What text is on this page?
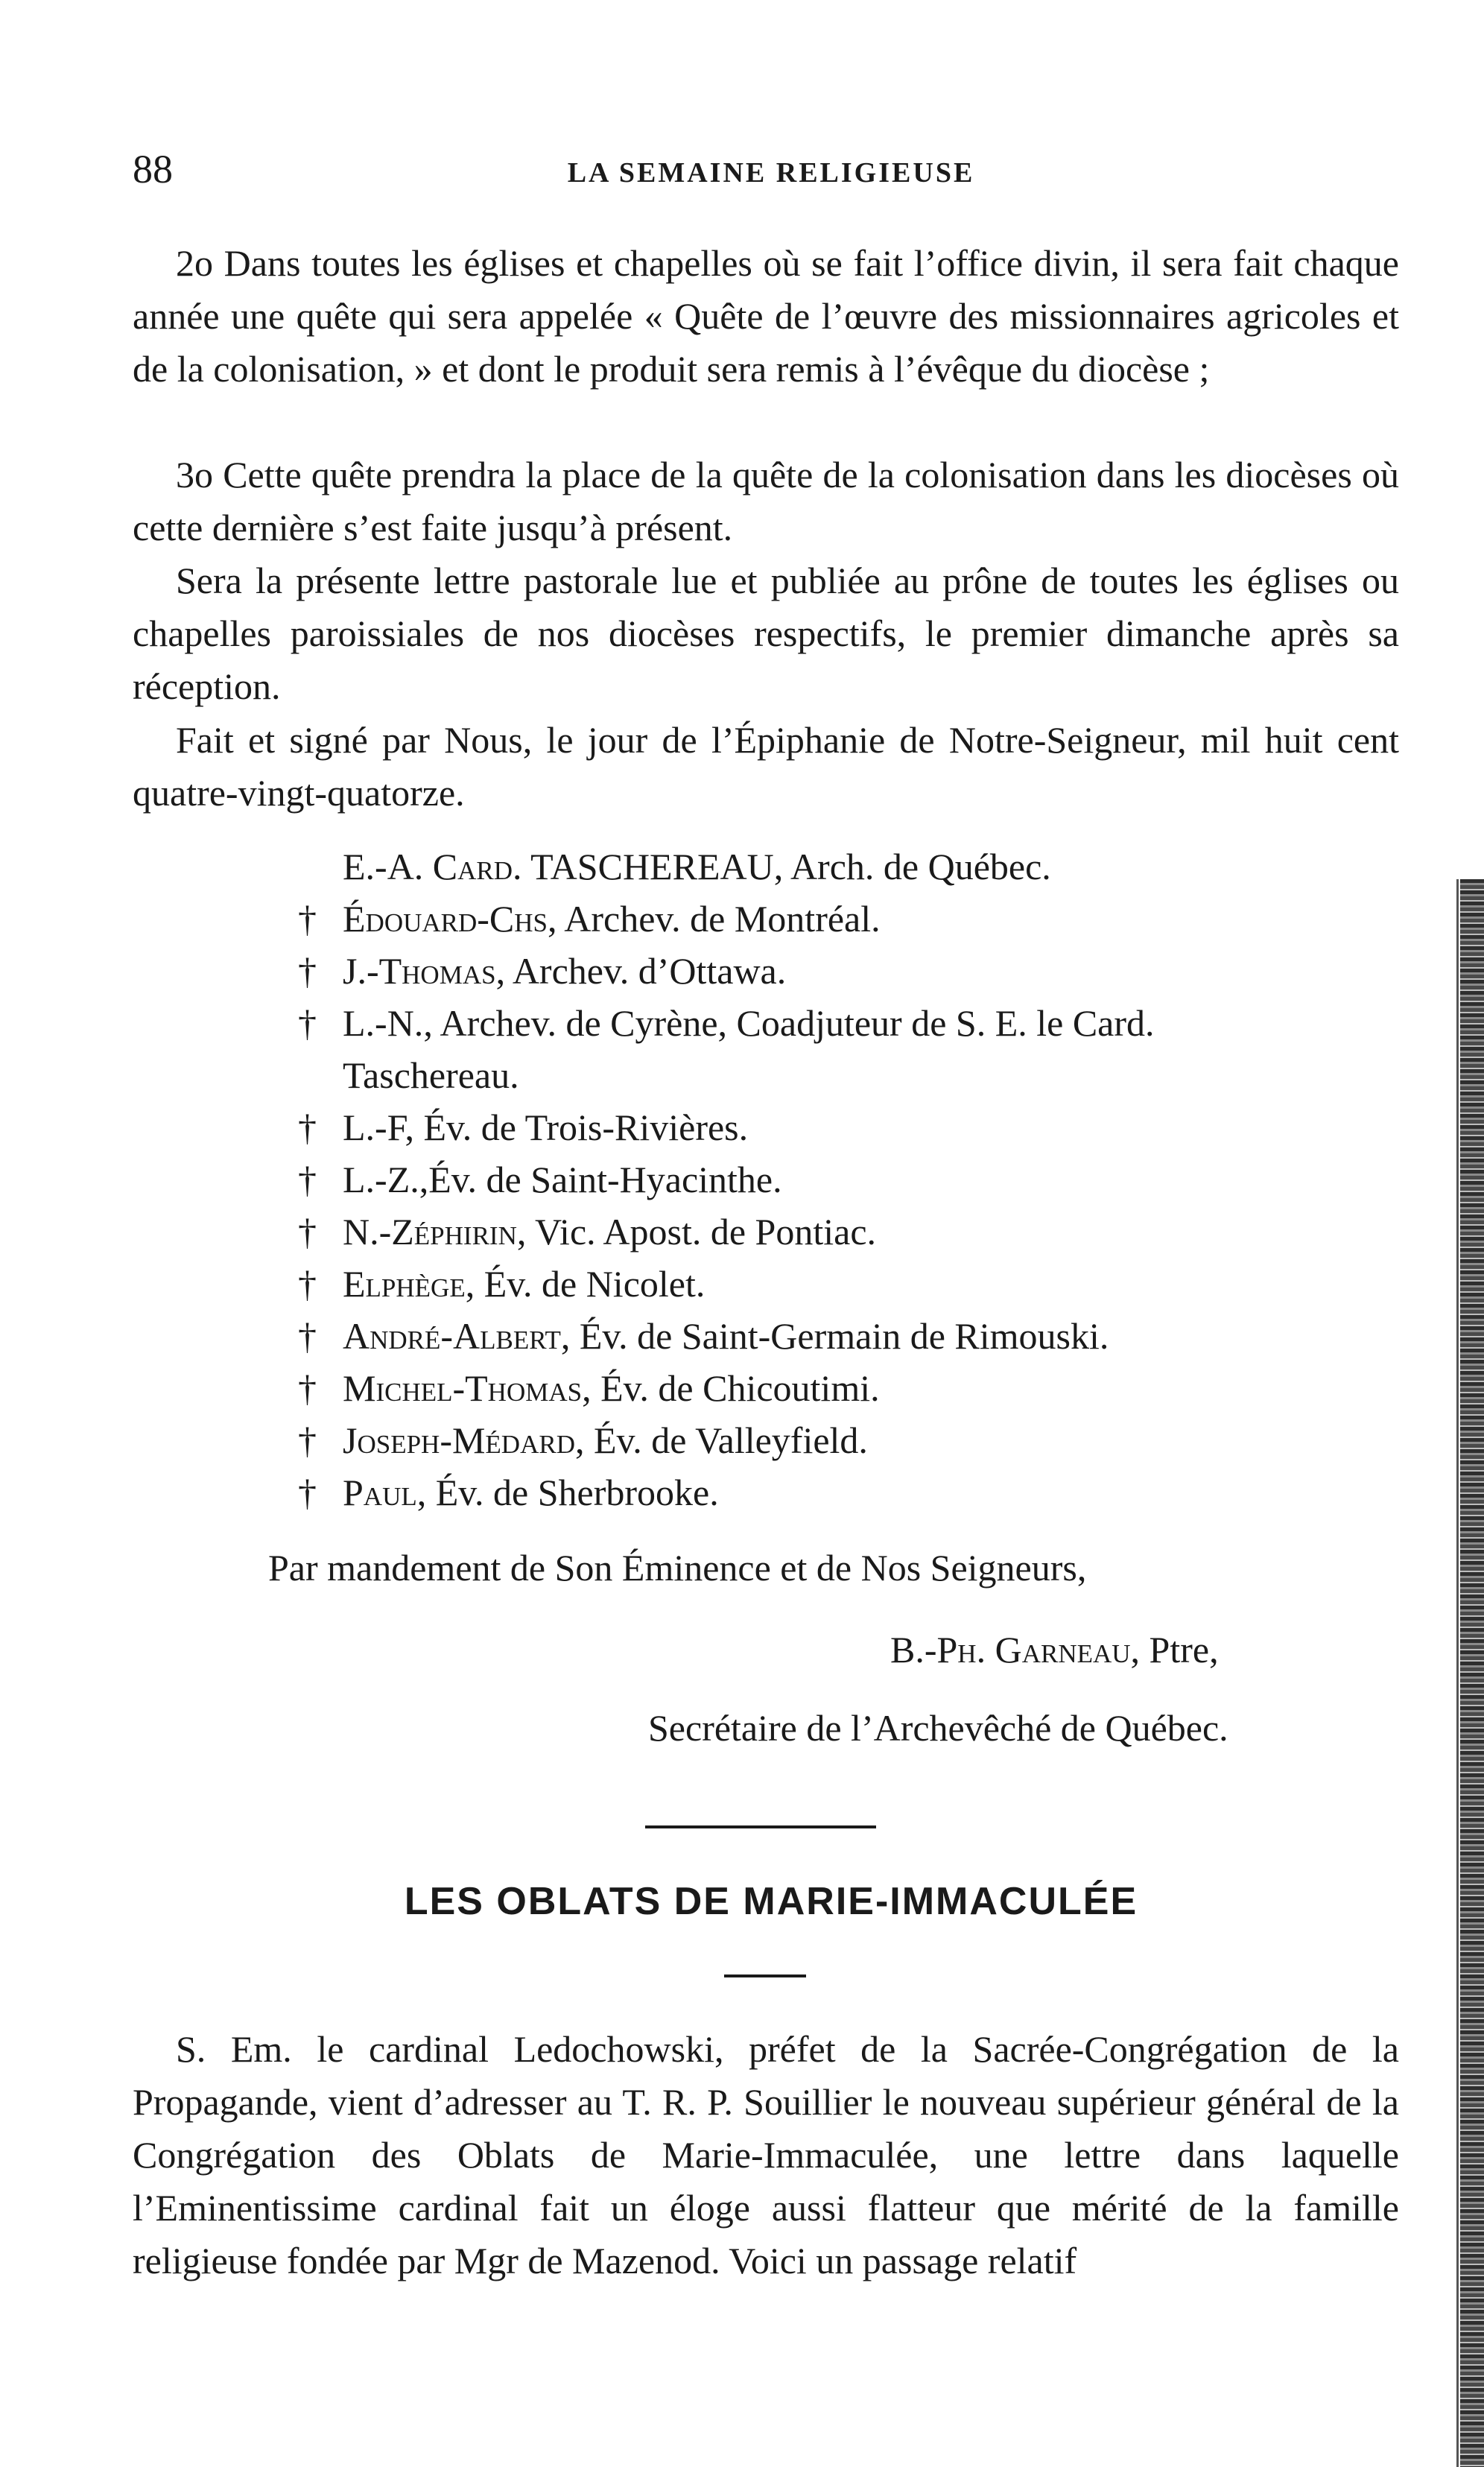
88	LA SEMAINE RELIGIEUSE

2o Dans toutes les églises et chapelles où se fait l’office divin, il sera fait chaque année une quête qui sera appelée « Quête de l’œuvre des missionnaires agricoles et de la colonisation, » et dont le produit sera remis à l’évêque du diocèse ;

3o Cette quête prendra la place de la quête de la colonisation dans les diocèses où cette dernière s’est faite jusqu’à présent.

Sera la présente lettre pastorale lue et publiée au prône de toutes les églises ou chapelles paroissiales de nos diocèses respectifs, le premier dimanche après sa réception.

Fait et signé par Nous, le jour de l’Épiphanie de Notre-Seigneur, mil huit cent quatre-vingt-quatorze.

E.-A. Card. TASCHEREAU, Arch. de Québec.
† Édouard-Chs, Archev. de Montréal.
† J.-Thomas, Archev. d’Ottawa.
† L.-N., Archev. de Cyrène, Coadjuteur de S. E. le Card.
Taschereau.
† L.-F, Év. de Trois-Rivières.
† L.-Z.,Év. de Saint-Hyacinthe.
† N.-Zéphirin, Vic. Apost. de Pontiac.
† Elphège, Év. de Nicolet.
† André-Albert, Év. de Saint-Germain de Rimouski.
† Michel-Thomas, Év. de Chicoutimi.
† Joseph-Médard, Év. de Valleyfield.
† Paul, Év. de Sherbrooke.
Par mandement de Son Éminence et de Nos Seigneurs,
B.-Ph. Garneau, Ptre,
Secrétaire de l’Archevêché de Québec.
LES OBLATS DE MARIE-IMMACULÉE

S. Em. le cardinal Ledochowski, préfet de la Sacrée-Congrégation de la Propagande, vient d’adresser au T. R. P. Souillier le nouveau supérieur général de la Congrégation des Oblats de Marie-Immaculée, une lettre dans laquelle l’Eminentissime cardinal fait un éloge aussi flatteur que mérité de la famille religieuse fondée par Mgr de Mazenod. Voici un passage relatif
